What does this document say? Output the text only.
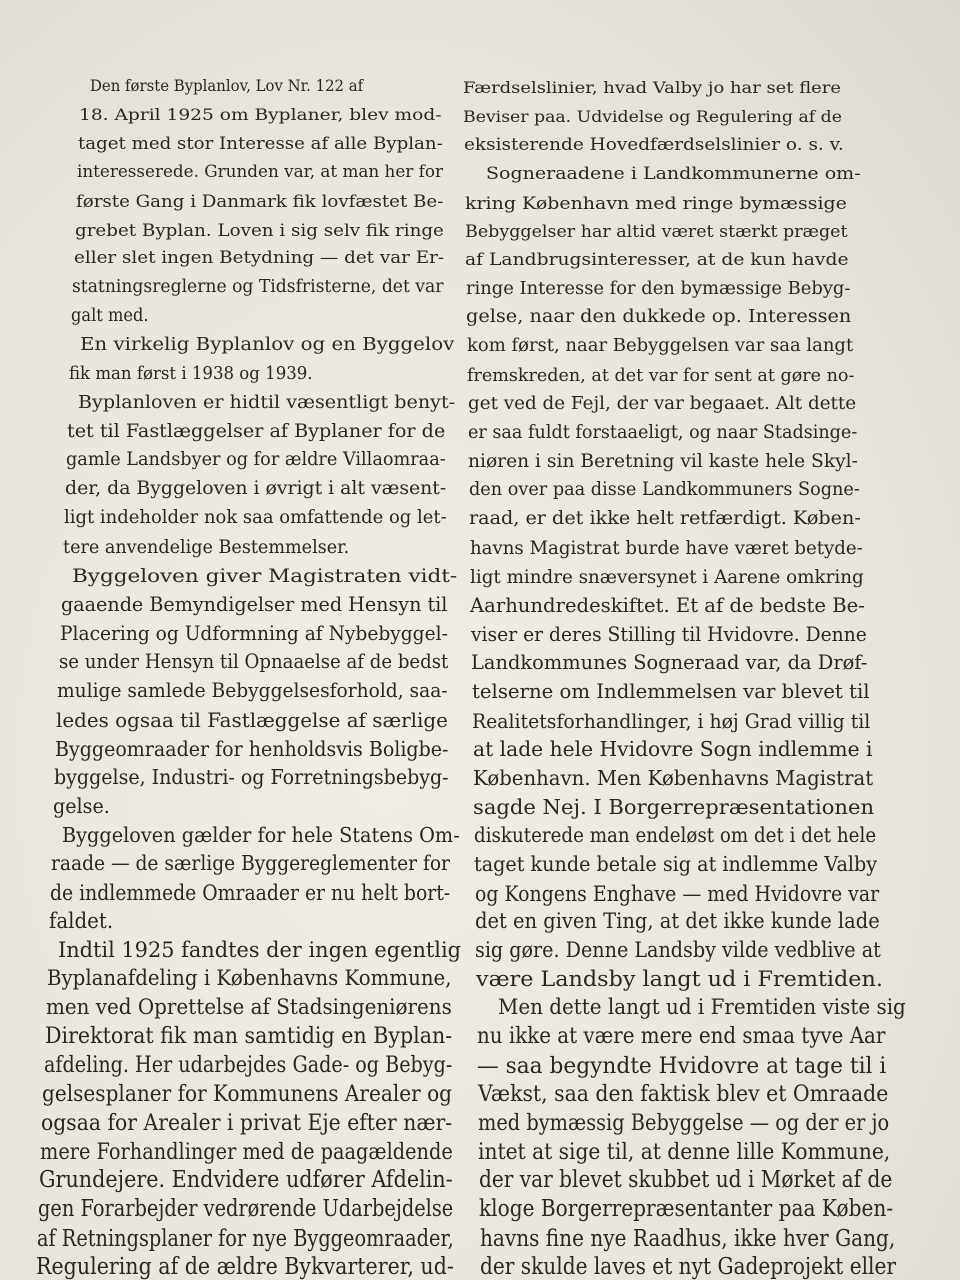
Den første Byplanlov, Lov Nr. 122 af
18. April 1925 om Byplaner, blev mod-
taget med stor Interesse af alle Byplan-
interesserede. Grunden var, at man her for
første Gang i Danmark fik lovfæstet Be-
grebet Byplan. Loven i sig selv fik ringe
eller slet ingen Betydning — det var Er-
statningsreglerne og Tidsfristerne, det var
galt med.
En virkelig Byplanlov og en Byggelov
fik man først i 1938 og 1939.
Byplanloven er hidtil væsentligt benyt-
tet til Fastlæggelser af Byplaner for de
gamle Landsbyer og for ældre Villaomraa-
der, da Byggeloven i øvrigt i alt væsent-
ligt indeholder nok saa omfattende og let-
tere anvendelige Bestemmelser.
Byggeloven giver Magistraten vidt-
gaaende Bemyndigelser med Hensyn til
Placering og Udformning af Nybebyggel-
se under Hensyn til Opnaaelse af de bedst
mulige samlede Bebyggelsesforhold, saa-
ledes ogsaa til Fastlæggelse af særlige
Byggeomraader for henholdsvis Boligbe-
byggelse, Industri- og Forretningsbebyg-
gelse.
Byggeloven gælder for hele Statens Om-
raade — de særlige Byggereglementer for
de indlemmede Omraader er nu helt bort-
faldet.
Indtil 1925 fandtes der ingen egentlig
Byplanafdeling i Københavns Kommune,
men ved Oprettelse af Stadsingeniørens
Direktorat fik man samtidig en Byplan-
afdeling. Her udarbejdes Gade- og Bebyg-
gelsesplaner for Kommunens Arealer og
ogsaa for Arealer i privat Eje efter nær-
mere Forhandlinger med de paagældende
Grundejere. Endvidere udfører Afdelin-
gen Forarbejder vedrørende Udarbejdelse
af Retningsplaner for nye Byggeomraader,
Regulering af de ældre Bykvarterer, ud-
Færdselslinier, hvad Valby jo har set flere
Beviser paa. Udvidelse og Regulering af de
eksisterende Hovedfærdselslinier o. s. v.
Sogneraadene i Landkommunerne om-
kring København med ringe bymæssige
Bebyggelser har altid været stærkt præget
af Landbrugsinteresser, at de kun havde
ringe Interesse for den bymæssige Bebyg-
gelse, naar den dukkede op. Interessen
kom først, naar Bebyggelsen var saa langt
fremskreden, at det var for sent at gøre no-
get ved de Fejl, der var begaaet. Alt dette
er saa fuldt forstaaeligt, og naar Stadsinge-
niøren i sin Beretning vil kaste hele Skyl-
den over paa disse Landkommuners Sogne-
raad, er det ikke helt retfærdigt. Køben-
havns Magistrat burde have været betyde-
ligt mindre snæversynet i Aarene omkring
Aarhundredeskiftet. Et af de bedste Be-
viser er deres Stilling til Hvidovre. Denne
Landkommunes Sogneraad var, da Drøf-
telserne om Indlemmelsen var blevet til
Realitetsforhandlinger, i høj Grad villig til
at lade hele Hvidovre Sogn indlemme i
København. Men Københavns Magistrat
sagde Nej. I Borgerrepræsentationen
diskuterede man endeløst om det i det hele
taget kunde betale sig at indlemme Valby
og Kongens Enghave — med Hvidovre var
det en given Ting, at det ikke kunde lade
sig gøre. Denne Landsby vilde vedblive at
være Landsby langt ud i Fremtiden.
Men dette langt ud i Fremtiden viste sig
nu ikke at være mere end smaa tyve Aar
— saa begyndte Hvidovre at tage til i
Vækst, saa den faktisk blev et Omraade
med bymæssig Bebyggelse — og der er jo
intet at sige til, at denne lille Kommune,
der var blevet skubbet ud i Mørket af de
kloge Borgerrepræsentanter paa Køben-
havns fine nye Raadhus, ikke hver Gang,
der skulde laves et nyt Gadeprojekt eller
